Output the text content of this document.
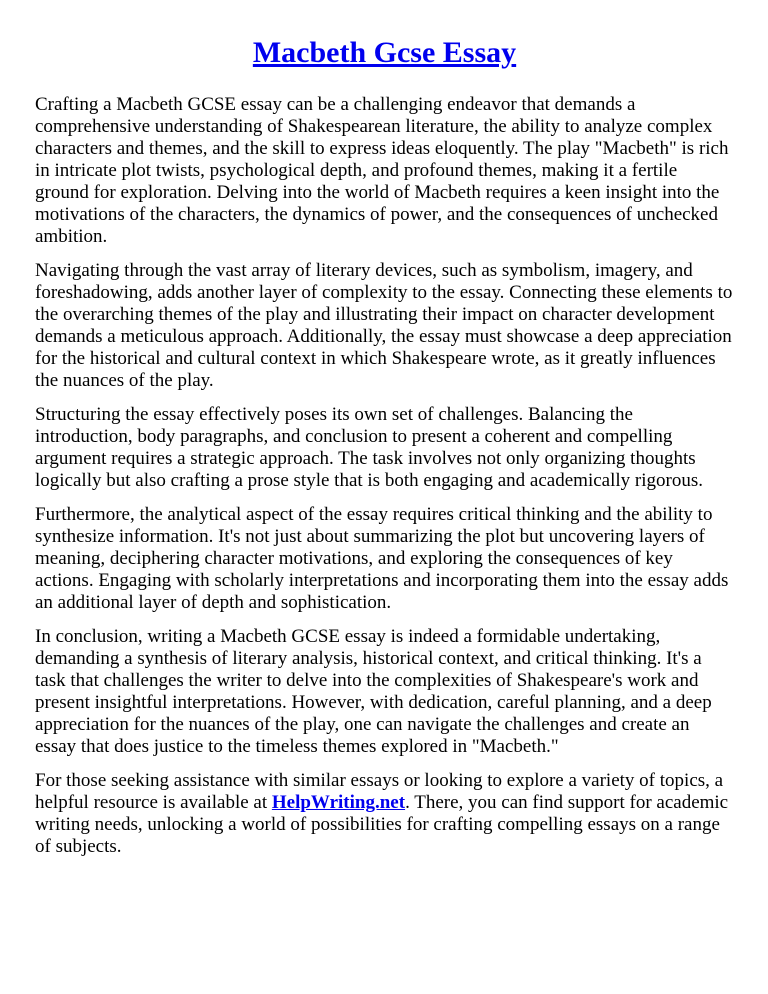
Macbeth Gcse Essay

Crafting a Macbeth GCSE essay can be a challenging endeavor that demands a comprehensive understanding of Shakespearean literature, the ability to analyze complex characters and themes, and the skill to express ideas eloquently. The play "Macbeth" is rich in intricate plot twists, psychological depth, and profound themes, making it a fertile ground for exploration. Delving into the world of Macbeth requires a keen insight into the motivations of the characters, the dynamics of power, and the consequences of unchecked ambition.

Navigating through the vast array of literary devices, such as symbolism, imagery, and foreshadowing, adds another layer of complexity to the essay. Connecting these elements to the overarching themes of the play and illustrating their impact on character development demands a meticulous approach. Additionally, the essay must showcase a deep appreciation for the historical and cultural context in which Shakespeare wrote, as it greatly influences the nuances of the play.

Structuring the essay effectively poses its own set of challenges. Balancing the introduction, body paragraphs, and conclusion to present a coherent and compelling argument requires a strategic approach. The task involves not only organizing thoughts logically but also crafting a prose style that is both engaging and academically rigorous.

Furthermore, the analytical aspect of the essay requires critical thinking and the ability to synthesize information. It's not just about summarizing the plot but uncovering layers of meaning, deciphering character motivations, and exploring the consequences of key actions. Engaging with scholarly interpretations and incorporating them into the essay adds an additional layer of depth and sophistication.

In conclusion, writing a Macbeth GCSE essay is indeed a formidable undertaking, demanding a synthesis of literary analysis, historical context, and critical thinking. It's a task that challenges the writer to delve into the complexities of Shakespeare's work and present insightful interpretations. However, with dedication, careful planning, and a deep appreciation for the nuances of the play, one can navigate the challenges and create an essay that does justice to the timeless themes explored in "Macbeth."

For those seeking assistance with similar essays or looking to explore a variety of topics, a helpful resource is available at HelpWriting.net. There, you can find support for academic writing needs, unlocking a world of possibilities for crafting compelling essays on a range of subjects.
